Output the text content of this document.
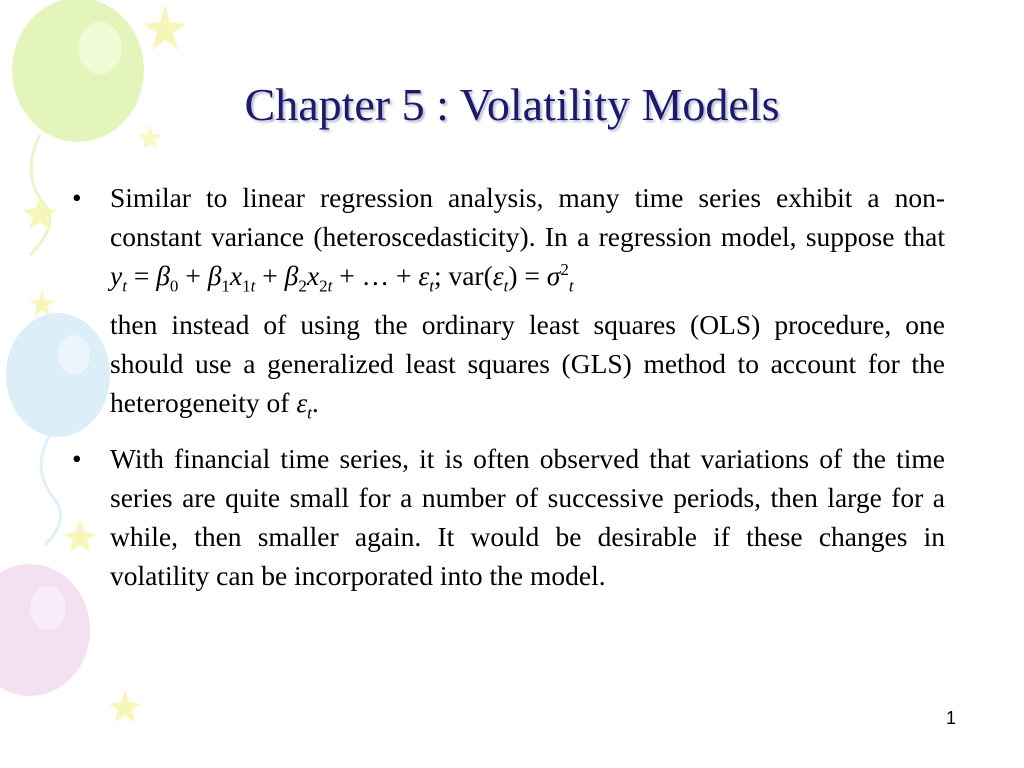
Chapter 5 : Volatility Models
• Similar to linear regression analysis, many time series exhibit a non-constant variance (heteroscedasticity). In a regression model, suppose that $y_t = \beta_0 + \beta_1x_{1t} + \beta_2x_{2t}$ + … + $\varepsilon_t$; $var(\varepsilon_t) = \sigma^2_t$
then instead of using the ordinary least squares (OLS) procedure, one should use a generalized least squares (GLS) method to account for the heterogeneity of $\varepsilon_t$.
• With financial time series, it is often observed that variations of the time series are quite small for a number of successive periods, then large for a while, then smaller again. It would be desirable if these changes in volatility can be incorporated into the model.
1
